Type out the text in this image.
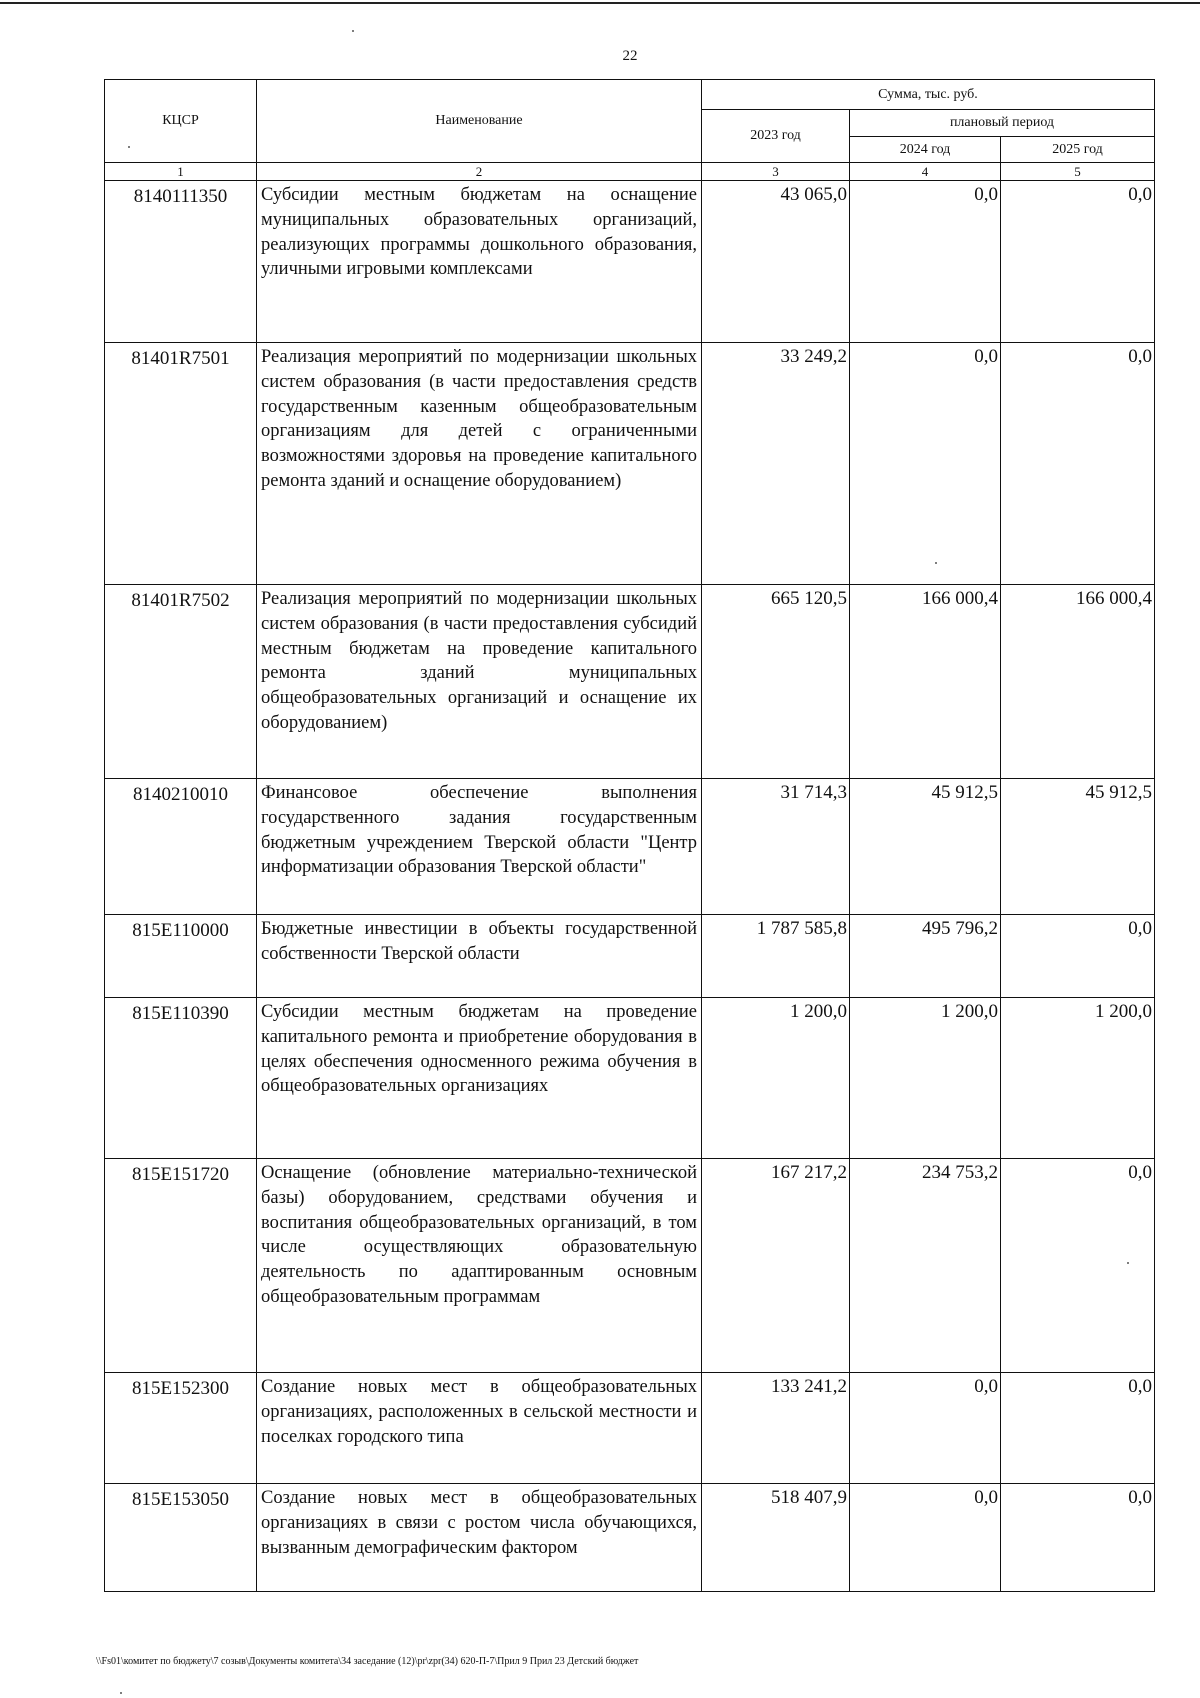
22
КЦСР	Наименование	Сумма, тыс. руб.		
		2023 год	плановый период	
			2024 год	2025 год
1	2	3	4	5
8140111350	Субсидии местным бюджетам на оснащение муниципальных образовательных организаций, реализующих программы дошкольного образования, уличными игровыми комплексами	43 065,0	0,0	0,0
81401R7501	Реализация мероприятий по модернизации школьных систем образования (в части предоставления средств государственным казенным общеобразовательным организациям для детей с ограниченными возможностями здоровья на проведение капитального ремонта зданий и оснащение оборудованием)	33 249,2	0,0	0,0
81401R7502	Реализация мероприятий по модернизации школьных систем образования (в части предоставления субсидий местным бюджетам на проведение капитального ремонта зданий муниципальных общеобразовательных организаций и оснащение их оборудованием)	665 120,5	166 000,4	166 000,4
8140210010	Финансовое обеспечение выполнения государственного задания государственным бюджетным учреждением Тверской области "Центр информатизации образования Тверской области"	31 714,3	45 912,5	45 912,5
815E110000	Бюджетные инвестиции в объекты государственной собственности Тверской области	1 787 585,8	495 796,2	0,0
815E110390	Субсидии местным бюджетам на проведение капитального ремонта и приобретение оборудования в целях обеспечения односменного режима обучения в общеобразовательных организациях	1 200,0	1 200,0	1 200,0
815E151720	Оснащение (обновление материально-технической базы) оборудованием, средствами обучения и воспитания общеобразовательных организаций, в том числе осуществляющих образовательную деятельность по адаптированным основным общеобразовательным программам	167 217,2	234 753,2	0,0
815E152300	Создание новых мест в общеобразовательных организациях, расположенных в сельской местности и поселках городского типа	133 241,2	0,0	0,0
815E153050	Создание новых мест в общеобразовательных организациях в связи с ростом числа обучающихся, вызванным демографическим фактором	518 407,9	0,0	0,0
\\Fs01\комитет по бюджету\7 созыв\Документы комитета\34 заседание (12)\pr\zpr(34) 620-П-7\Прил 9 Прил 23 Детский бюджет
